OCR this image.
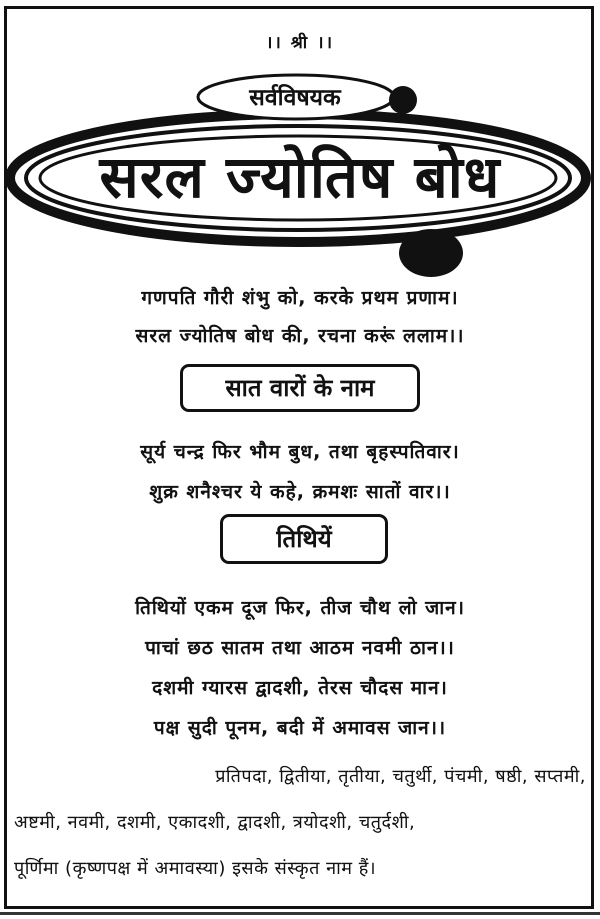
।। श्री ।।
सर्वविषयक
सरल ज्योतिष बोध
गणपति गौरी शंभु को, करके प्रथम प्रणाम।
सरल ज्योतिष बोध की, रचना करूं ललाम।।
सात वारों के नाम
सूर्य चन्द्र फिर भौम बुध, तथा बृहस्पतिवार।
शुक्र शनैश्चर ये कहे, क्रमशः सातों वार।।
तिथियें
तिथियों एकम दूज फिर, तीज चौथ लो जान।
पाचां छठ सातम तथा आठम नवमी ठान।।
दशमी ग्यारस द्वादशी, तेरस चौदस मान।
पक्ष सुदी पूनम, बदी में अमावस जान।।
प्रतिपदा, द्वितीया, तृतीया, चतुर्थी, पंचमी, षष्ठी, सप्तमी,
अष्टमी, नवमी, दशमी, एकादशी, द्वादशी, त्रयोदशी, चतुर्दशी,
पूर्णिमा (कृष्णपक्ष में अमावस्या) इसके संस्कृत नाम हैं।
